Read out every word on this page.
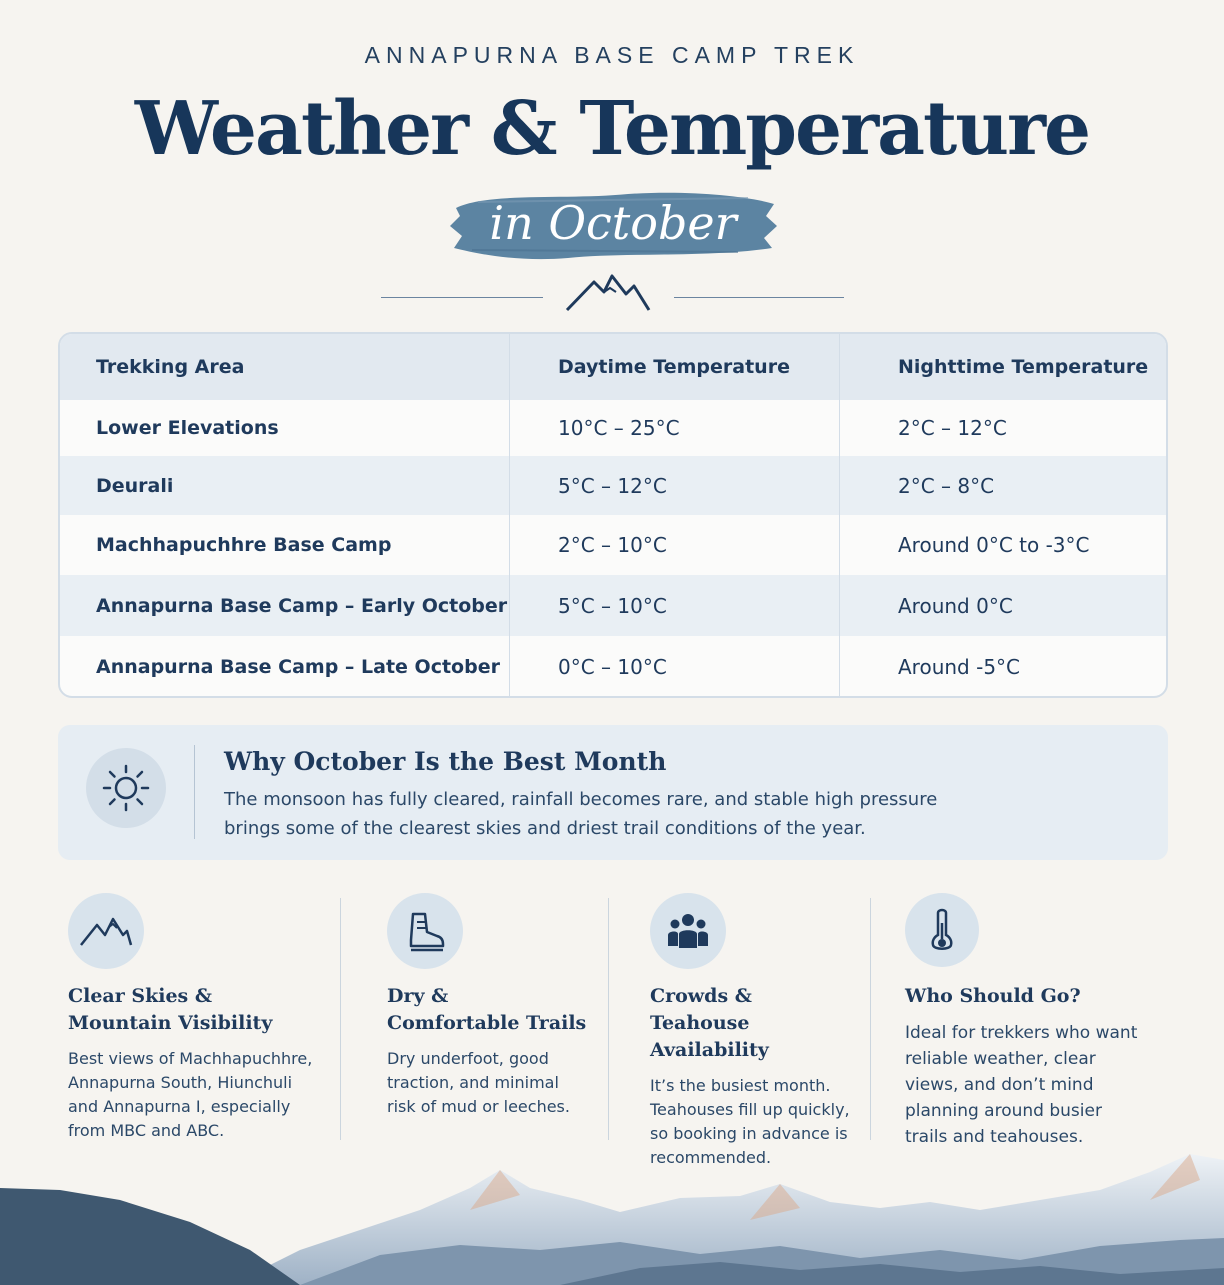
ANNAPURNA BASE CAMP TREK
Weather & Temperature
in October
Trekking Area	Daytime Temperature	Nighttime Temperature
Lower Elevations	10°C – 25°C	2°C – 12°C
Deurali	5°C – 12°C	2°C – 8°C
Machhapuchhre Base Camp	2°C – 10°C	Around 0°C to -3°C
Annapurna Base Camp – Early October	5°C – 10°C	Around 0°C
Annapurna Base Camp – Late October	0°C – 10°C	Around -5°C
Why October Is the Best Month
The monsoon has fully cleared, rainfall becomes rare, and stable high pressure brings some of the clearest skies and driest trail conditions of the year.
Clear Skies & Mountain Visibility
Best views of Machhapuchhre, Annapurna South, Hiunchuli and Annapurna I, especially from MBC and ABC.
Dry & Comfortable Trails
Dry underfoot, good traction, and minimal risk of mud or leeches.
Crowds & Teahouse Availability
It’s the busiest month. Teahouses fill up quickly, so booking in advance is recommended.
Who Should Go?
Ideal for trekkers who want reliable weather, clear views, and don’t mind planning around busier trails and teahouses.
